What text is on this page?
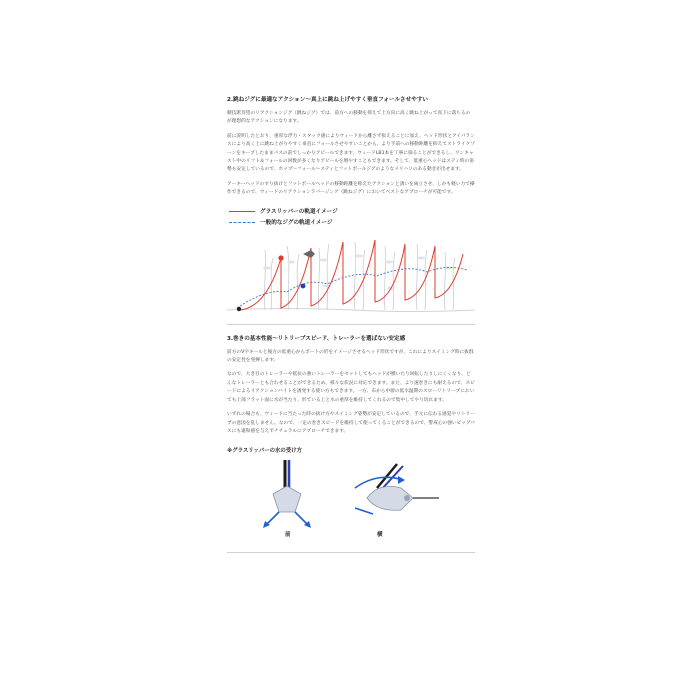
2.跳ねジグに最適なアクション～真上に跳ね上げやすく垂直フォールさせやすい

競技派待望のリアクションジグ（跳ねジグ）では、前方への移動を抑えて上方向に高く跳ね上がって真下に落ちるのが理想的なアクションになります。

前に説明したとおり、重厚な浮力・スタック感によりウィードから離さず抜えることに加え、ヘッド形状とアイバランスにより高く上に跳ね上がりやすく垂直にフォールさせやすいことから、より手前への移動距離を抑えてストライクゾーンをキープしたままパスの前でしっかりアピールできます。ウィードLB1本を丁寧に探ることができるし、ワンキャスト中のリフト＆フォールの回数が多くなりアピールを増やすこともできます。そして、低重心ヘッドはスティ時の姿勢も安定しているので、ホップ～フォール～スティとフットボールジグのようなメリハリのある動きが出せます。

アーキーヘッドのすり抜けとフットボールヘッドの移動距離を抑えたアクションと誘いを両立させ、しかも軽い力で操作できるので、ウィードのリアクションラバージング（跳ねジグ）においてベストなアプローチが可能です。

グラスリッパーの軌道イメージ
一般的なジグの軌道イメージ
3.巻きの基本性能～リトリーブスピード、トレーラーを選ばない安定感

前方のV字キールと後方の低重心からボートの形をイメージさせるヘッド形状ですが、これによりスイミング時に抜群の安定性を発揮します。

なので、大き目のトレーラーや抵抗の強いトレーラーをセットしてもヘッドが横いたり回転したりしにくくなり、どんなトレーラーとも合わせることができるため、様々な状況に対応できます。また、より速巻きにも耐えるので、スピードによるリアクションバイトを誘発する使い方もできます。一方、布から中層の低水温期のスローリトリーブにおいても上部フラット面に水が当たり、形ている上と水の重厚を維持してくれるので集中してやり切れます。

いずれの場合も、ウィードに当たった時の抜け方やスイミング姿勢が安定しているので、手元に伝わる感覚やリトリーブの意図を乱しません。なので、一定の巻きスピードを維持して使ってくることができるので、警戒心の強いビッグバスにも違和感を与えずナチュラルにアプローチできます。

※グラスリッパーの水の受け方
前	横
